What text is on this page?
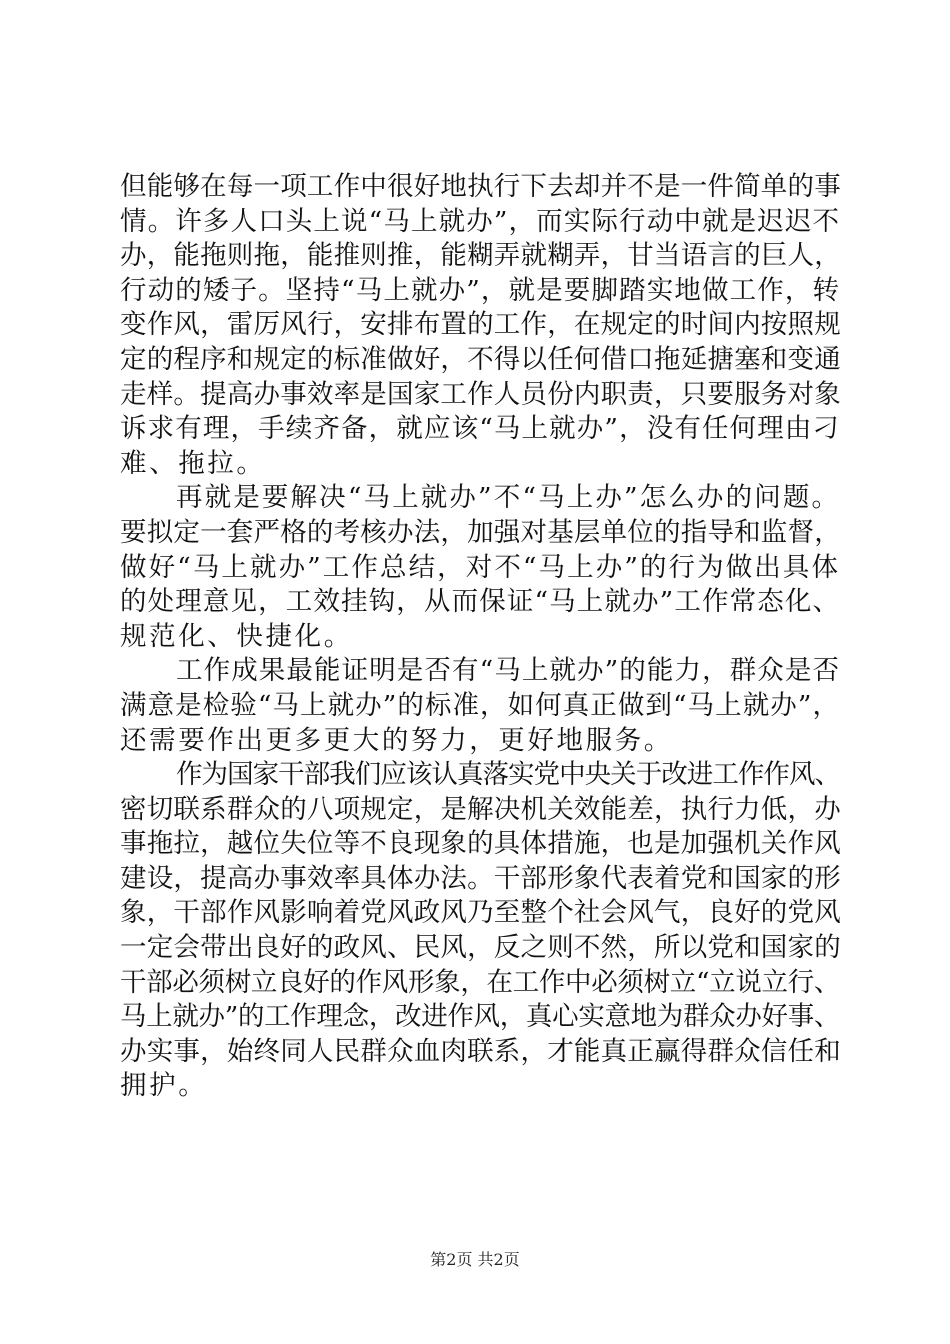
但能够在每一项工作中很好地执行下去却并不是一件简单的事
情。许多人口头上说“马上就办”，而实际行动中就是迟迟不
办，能拖则拖，能推则推，能糊弄就糊弄，甘当语言的巨人，
行动的矮子。坚持“马上就办”，就是要脚踏实地做工作，转
变作风，雷厉风行，安排布置的工作，在规定的时间内按照规
定的程序和规定的标准做好，不得以任何借口拖延搪塞和变通
走样。提高办事效率是国家工作人员份内职责，只要服务对象
诉求有理，手续齐备，就应该“马上就办”，没有任何理由刁
难、拖拉。
再就是要解决“马上就办”不“马上办”怎么办的问题。
要拟定一套严格的考核办法，加强对基层单位的指导和监督，
做好“马上就办”工作总结，对不“马上办”的行为做出具体
的处理意见，工效挂钩，从而保证“马上就办”工作常态化、
规范化、快捷化。
工作成果最能证明是否有“马上就办”的能力，群众是否
满意是检验“马上就办”的标准，如何真正做到“马上就办”，
还需要作出更多更大的努力，更好地服务。
作为国家干部我们应该认真落实党中央关于改进工作作风、
密切联系群众的八项规定，是解决机关效能差，执行力低，办
事拖拉，越位失位等不良现象的具体措施，也是加强机关作风
建设，提高办事效率具体办法。干部形象代表着党和国家的形
象，干部作风影响着党风政风乃至整个社会风气，良好的党风
一定会带出良好的政风、民风，反之则不然，所以党和国家的
干部必须树立良好的作风形象，在工作中必须树立“立说立行、
马上就办”的工作理念，改进作风，真心实意地为群众办好事、
办实事，始终同人民群众血肉联系，才能真正赢得群众信任和
拥护。
第2页 共2页
